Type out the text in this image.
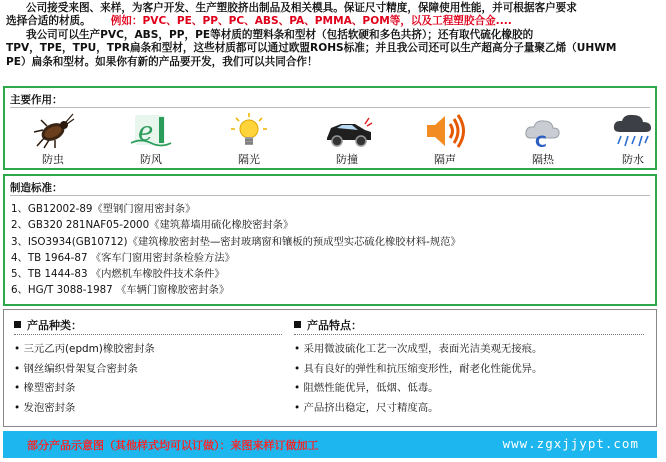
公司接受来图、来样，为客户开发、生产塑胶挤出制品及相关模具。保证尺寸精度，保障使用性能，并可根据客户要求

选择合适的材质。 例如：PVC、PE、PP、PC、ABS、PA、PMMA、POM等，以及工程塑胶合金....

我公司可以生产PVC，ABS，PP，PE等材质的塑料条和型材（包括软硬和多色共挤）；还有取代硫化橡胶的

TPV，TPE，TPU，TPR扁条和型材，这些材质都可以通过欧盟ROHS标准；并且我公司还可以生产超高分子量聚乙烯（UHWM

PE）扁条和型材。如果你有新的产品要开发，我们可以共同合作！

主要作用：
防虫
e
防风	隔光	防撞	隔声
C
隔热	防水
制造标准：
1、GB12002-89《塑钢门窗用密封条》
2、GB320 281NAF05-2000《建筑幕墙用硫化橡胶密封条》
3、ISO3934(GB10712)《建筑橡胶密封垫—密封玻璃窗和镶板的预成型实芯硫化橡胶材料-规范》
4、TB 1964-87 《客车门窗用密封条检验方法》
5、TB 1444-83 《内燃机车橡胶件技术条件》
6、HG/T 3088-1987 《车辆门窗橡胶密封条》
产品种类：
• 三元乙丙(epdm)橡胶密封条
• 钢丝编织骨架复合密封条
• 橡塑密封条
• 发泡密封条
产品特点：
• 采用微波硫化工艺一次成型，表面光洁美观无接痕。
• 具有良好的弹性和抗压缩变形性，耐老化性能优异。
• 阻燃性能优异，低烟、低毒。
• 产品挤出稳定，尺寸精度高。
部分产品示意图（其他样式均可以订做）：来图来样订做加工	www.zgxjjypt.com
